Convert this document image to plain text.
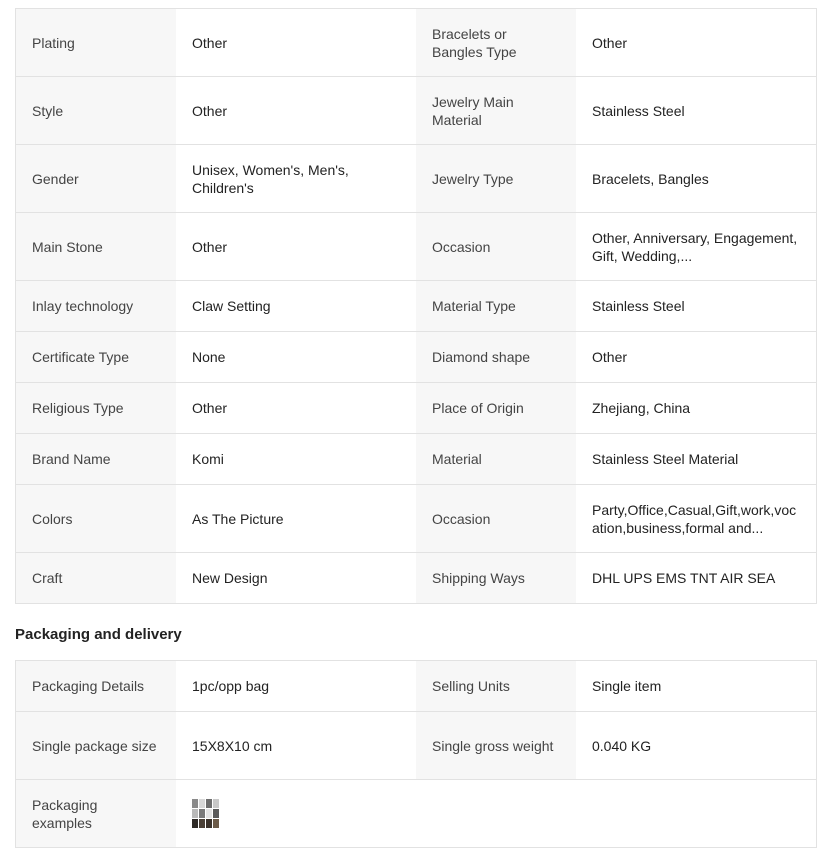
Plating	Other	Bracelets or Bangles Type	Other
Style	Other	Jewelry Main Material	Stainless Steel
Gender	Unisex, Women's, Men's, Children's	Jewelry Type	Bracelets, Bangles
Main Stone	Other	Occasion	Other, Anniversary, Engagement, Gift, Wedding,...

Inlay technology	Claw Setting	Material Type	Stainless Steel
Certificate Type	None	Diamond shape	Other
Religious Type	Other	Place of Origin	Zhejiang, China
Brand Name	Komi	Material	Stainless Steel Material
Colors	As The Picture	Occasion	Party,Office,Casual,Gift,work,vocation,business,formal and...

Craft	New Design	Shipping Ways	DHL UPS EMS TNT AIR SEA
Packaging and delivery
Packaging Details	1pc/opp bag	Selling Units	Single item
Single package size	15X8X10 cm	Single gross weight	0.040 KG
Packaging examples			
